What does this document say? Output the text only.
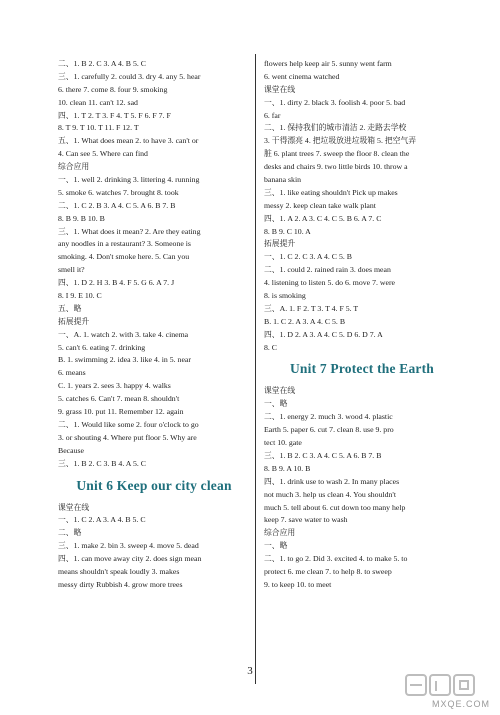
二、1. B 2. C 3. A 4. B 5. C
三、1. carefully 2. could 3. dry 4. any 5. hear
6. there 7. come 8. four 9. smoking
10. clean 11. can't 12. sad
四、1. T 2. T 3. F 4. T 5. F 6. F 7. F
8. T 9. T 10. T 11. F 12. T
五、1. What does mean 2. to have 3. can't or
4. Can see 5. Where can find
综合应用
一、1. well 2. drinking 3. littering 4. running
5. smoke 6. watches 7. brought 8. took
二、1. C 2. B 3. A 4. C 5. A 6. B 7. B
8. B 9. B 10. B
三、1. What does it mean? 2. Are they eating
any noodles in a restaurant? 3. Someone is
smoking. 4. Don't smoke here. 5. Can you
smell it?
四、1. D 2. H 3. B 4. F 5. G 6. A 7. J
8. I 9. E 10. C
五、略
拓展提升
一、A. 1. watch 2. with 3. take 4. cinema
5. can't 6. eating 7. drinking
B. 1. swimming 2. idea 3. like 4. in 5. near
6. means
C. 1. years 2. sees 3. happy 4. walks
5. catches 6. Can't 7. mean 8. shouldn't
9. grass 10. put 11. Remember 12. again
二、1. Would like some 2. four o'clock to go
3. or shouting 4. Where put floor 5. Why are
Because
三、1. B 2. C 3. B 4. A 5. C
Unit 6 Keep our city clean
课堂在线
一、1. C 2. A 3. A 4. B 5. C
二、略
三、1. make 2. bin 3. sweep 4. move 5. dead
四、1. can move away city 2. does sign mean
means shouldn't speak loudly 3. makes
messy dirty Rubbish 4. grow more trees
flowers help keep air 5. sunny went farm
6. went cinema watched
课堂在线
一、1. dirty 2. black 3. foolish 4. poor 5. bad
6. far
二、1. 保持我们的城市清洁 2. 走路去学校
3. 干得漂亮 4. 把垃圾放进垃圾箱 5. 把空气弄
脏 6. plant trees 7. sweep the floor 8. clean the
desks and chairs 9. two little birds 10. throw a
banana skin
三、1. like eating shouldn't Pick up makes
messy 2. keep clean take walk plant
四、1. A 2. A 3. C 4. C 5. B 6. A 7. C
8. B 9. C 10. A
拓展提升
一、1. C 2. C 3. A 4. C 5. B
二、1. could 2. rained rain 3. does mean
4. listening to listen 5. do 6. move 7. were
8. is smoking
三、A. 1. F 2. T 3. T 4. F 5. T
B. 1. C 2. A 3. A 4. C 5. B
四、1. D 2. A 3. A 4. C 5. D 6. D 7. A
8. C
Unit 7 Protect the Earth
课堂在线
一、略
二、1. energy 2. much 3. wood 4. plastic
Earth 5. paper 6. cut 7. clean 8. use 9. pro
tect 10. gate
三、1. B 2. C 3. A 4. C 5. A 6. B 7. B
8. B 9. A 10. B
四、1. drink use to wash 2. In many places
not much 3. help us clean 4. You shouldn't
much 5. tell about 6. cut down too many help
keep 7. save water to wash
综合应用
一、略
二、1. to go 2. Did 3. excited 4. to make 5. to
protect 6. me clean 7. to help 8. to sweep
9. to keep 10. to meet
3
MXQE.COM
